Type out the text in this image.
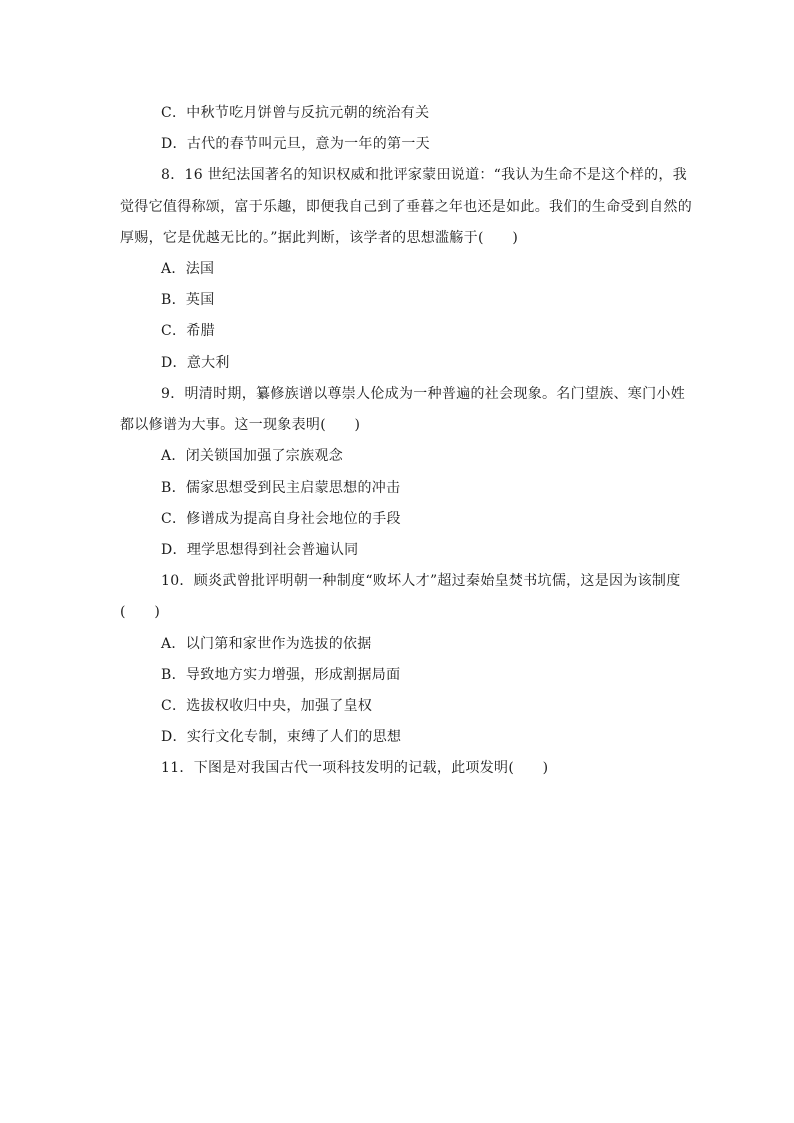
C．中秋节吃月饼曾与反抗元朝的统治有关
D．古代的春节叫元旦，意为一年的第一天
8．16 世纪法国著名的知识权威和批评家蒙田说道：“我认为生命不是这个样的，我
觉得它值得称颂，富于乐趣，即便我自己到了垂暮之年也还是如此。我们的生命受到自然的
厚赐，它是优越无比的。”据此判断，该学者的思想滥觞于(　　)
A．法国
B．英国
C．希腊
D．意大利
9．明清时期，纂修族谱以尊崇人伦成为一种普遍的社会现象。名门望族、寒门小姓
都以修谱为大事。这一现象表明(　　)
A．闭关锁国加强了宗族观念
B．儒家思想受到民主启蒙思想的冲击
C．修谱成为提高自身社会地位的手段
D．理学思想得到社会普遍认同
10．顾炎武曾批评明朝一种制度“败坏人才”超过秦始皇焚书坑儒，这是因为该制度
(　　)
A．以门第和家世作为选拔的依据
B．导致地方实力增强，形成割据局面
C．选拔权收归中央，加强了皇权
D．实行文化专制，束缚了人们的思想
11．下图是对我国古代一项科技发明的记载，此项发明(　　)
